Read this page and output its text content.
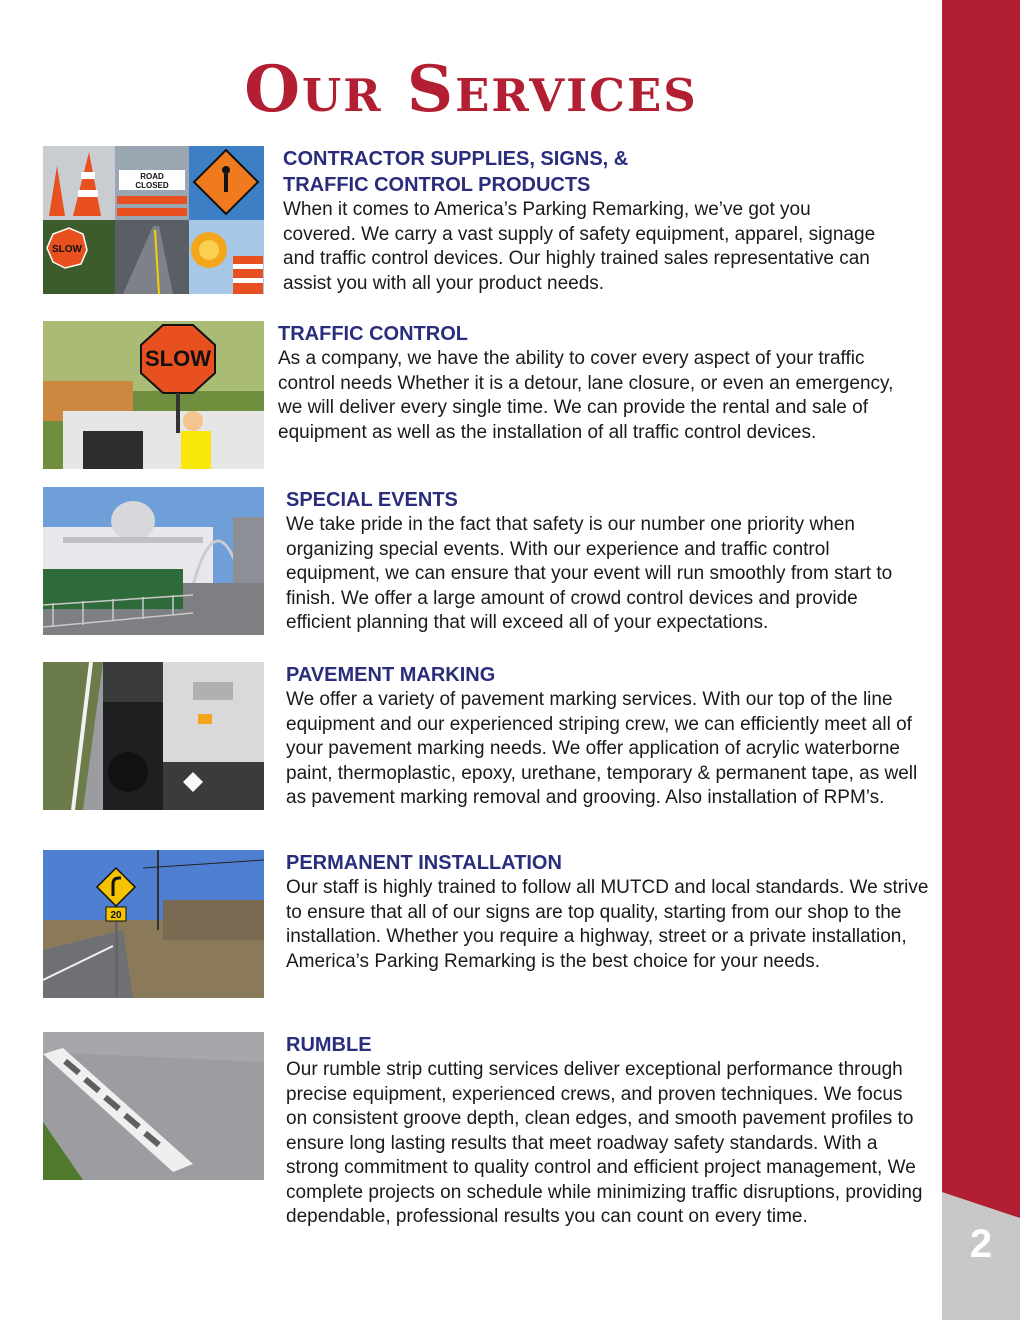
2
Our Services
ROAD
CLOSED
SLOW
CONTRACTOR SUPPLIES, SIGNS, &
TRAFFIC CONTROL PRODUCTS

When it comes to America’s Parking Remarking, we’ve got you covered. We carry a vast supply of safety equipment, apparel, signage and traffic control devices. Our highly trained sales representative can assist you with all your product needs.

SLOW
TRAFFIC CONTROL

As a company, we have the ability to cover every aspect of your traffic control needs Whether it is a detour, lane closure, or even an emergency, we will deliver every single time. We can provide the rental and sale of equipment as well as the installation of all traffic control devices.

SPECIAL EVENTS

We take pride in the fact that safety is our number one priority when organizing special events. With our experience and traffic control equipment, we can ensure that your event will run smoothly from start to finish. We offer a large amount of crowd control devices and provide efficient planning that will exceed all of your expectations.

PAVEMENT MARKING

We offer a variety of pavement marking services. With our top of the line equipment and our experienced striping crew, we can efficiently meet all of your pavement marking needs. We offer application of acrylic waterborne paint, thermoplastic, epoxy, urethane, temporary & permanent tape, as well as pavement marking removal and grooving. Also installation of RPM’s.

20
PERMANENT INSTALLATION

Our staff is highly trained to follow all MUTCD and local standards. We strive to ensure that all of our signs are top quality, starting from our shop to the installation. Whether you require a highway, street or a private installation, America’s Parking Remarking is the best choice for your needs.

RUMBLE

Our rumble strip cutting services deliver exceptional performance through precise equipment, experienced crews, and proven techniques. We focus on consistent groove depth, clean edges, and smooth pavement profiles to ensure long lasting results that meet roadway safety standards. With a strong commitment to quality control and efficient project management, We complete projects on schedule while minimizing traffic disruptions, providing dependable, professional results you can count on every time.
